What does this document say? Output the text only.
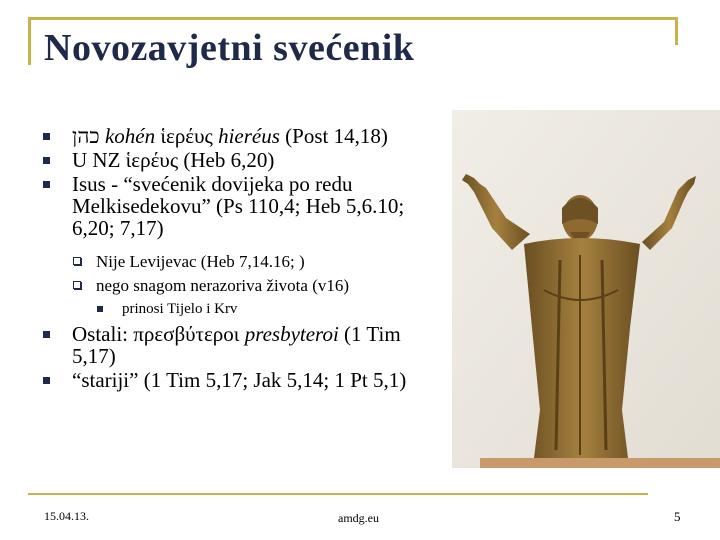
Novozavjetni svećenik
כהן kohén ἱερέυς hieréus (Post 14,18)
U NZ ἱερέυς (Heb 6,20)
Isus - “svećenik dovijeka po redu Melkisedekovu” (Ps 110,4; Heb 5,6.10; 6,20; 7,17)
Nije Levijevac (Heb 7,14.16; )
nego snagom nerazoriva života (v16)
prinosi Tijelo i Krv
Ostali: πρεσβύτεροι presbyteroi (1 Tim 5,17)
“stariji” (1 Tim 5,17; Jak 5,14; 1 Pt 5,1)
15.04.13.	amdg.eu	5
